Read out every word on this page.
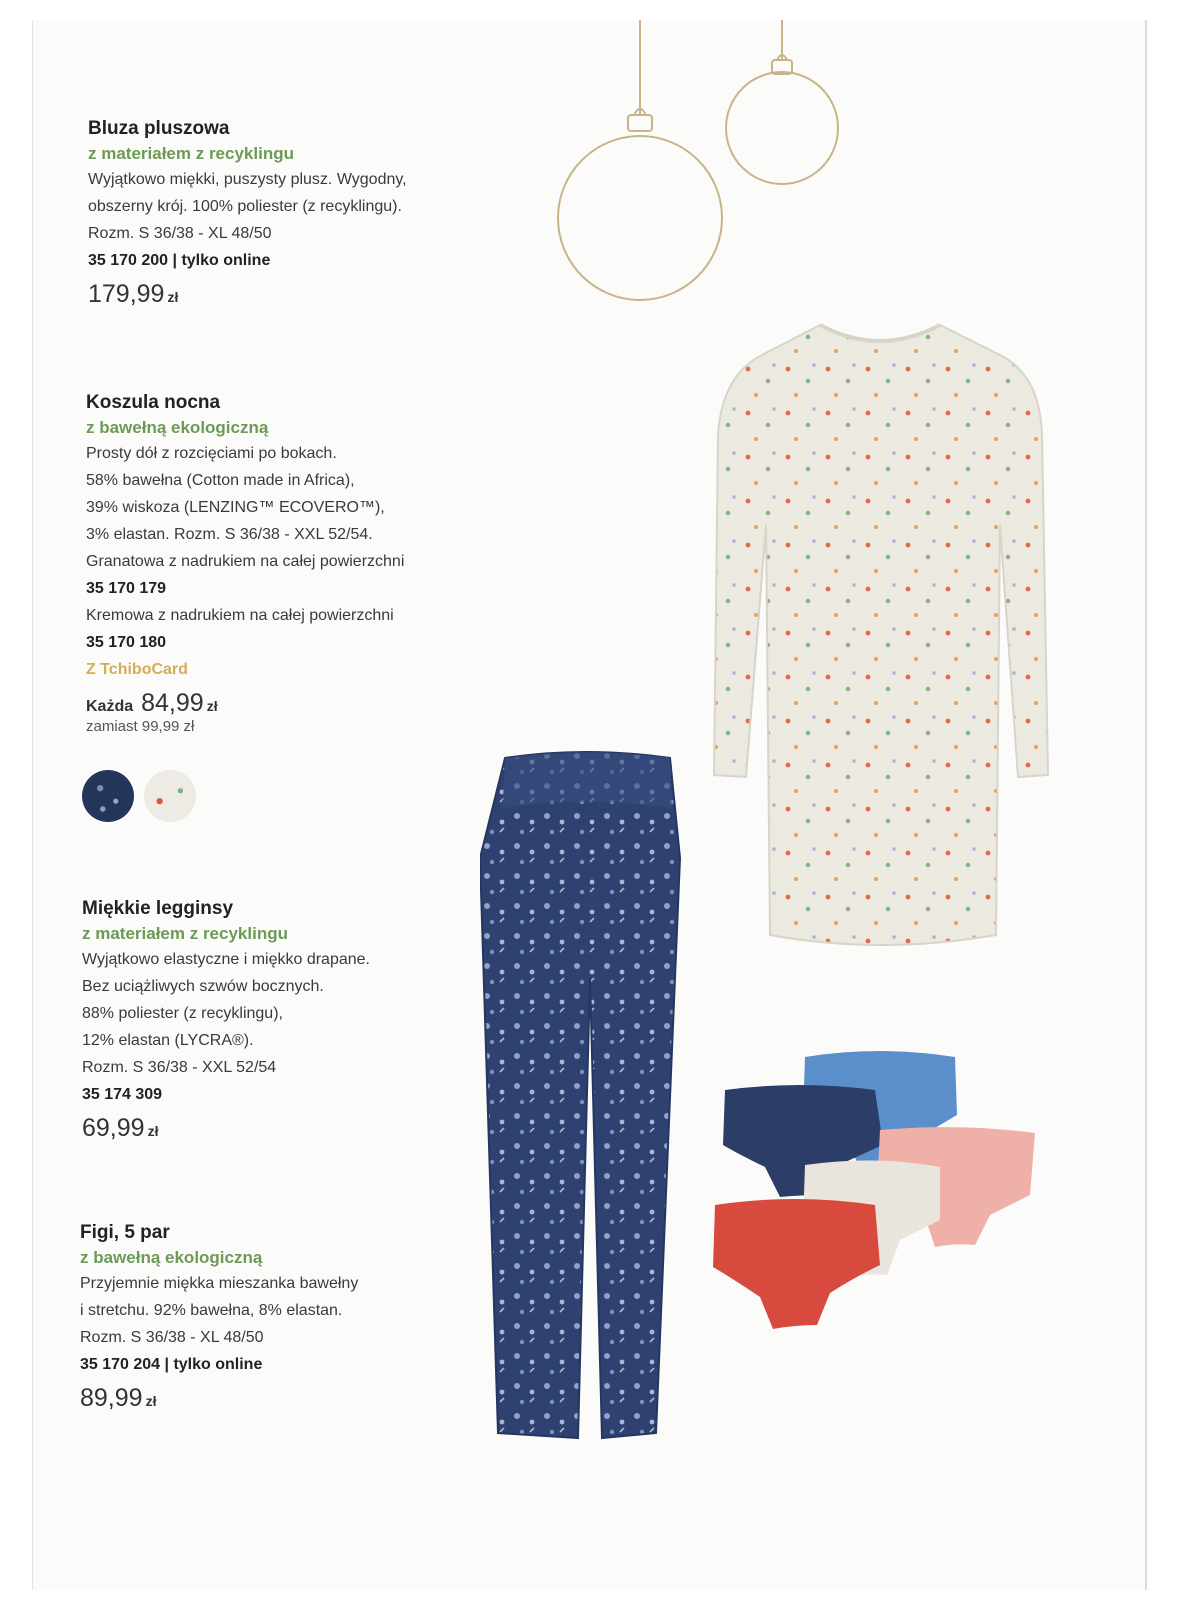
Bluza pluszowa
z materiałem z recyklingu
Wyjątkowo miękki, puszysty plusz. Wygodny,
obszerny krój. 100% poliester (z recyklingu).
Rozm. S 36/38 - XL 48/50
35 170 200 | tylko online
179,99 zł
Koszula nocna
z bawełną ekologiczną
Prosty dół z rozcięciami po bokach.
58% bawełna (Cotton made in Africa),
39% wiskoza (LENZING™ ECOVERO™),
3% elastan. Rozm. S 36/38 - XXL 52/54.
Granatowa z nadrukiem na całej powierzchni
35 170 179
Kremowa z nadrukiem na całej powierzchni
35 170 180
Z TchiboCard
Każda 84,99 zł
zamiast 99,99 zł
Miękkie legginsy
z materiałem z recyklingu
Wyjątkowo elastyczne i miękko drapane.
Bez uciążliwych szwów bocznych.
88% poliester (z recyklingu),
12% elastan (LYCRA®).
Rozm. S 36/38 - XXL 52/54
35 174 309
69,99 zł
Figi, 5 par
z bawełną ekologiczną
Przyjemnie miękka mieszanka bawełny
i stretchu. 92% bawełna, 8% elastan.
Rozm. S 36/38 - XL 48/50
35 170 204 | tylko online
89,99 zł
